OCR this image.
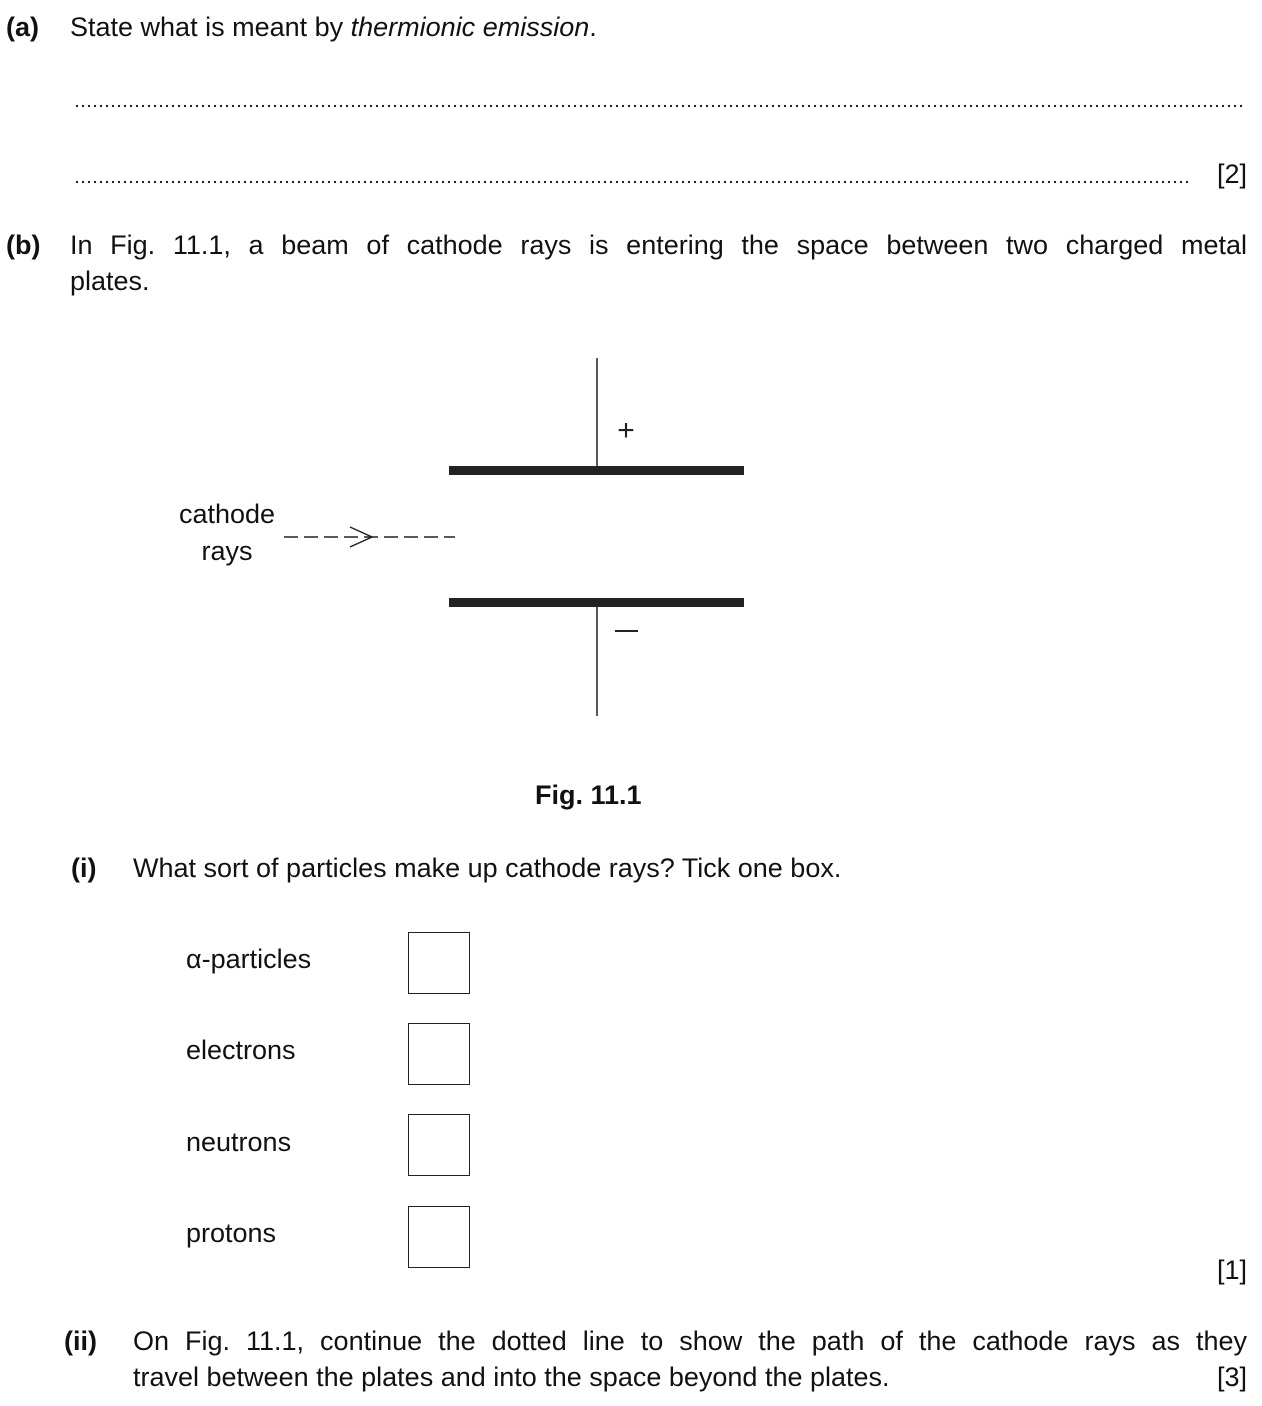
(a) State what is meant by thermionic emission.
[2]
(b) In Fig. 11.1, a beam of cathode rays is entering the space between two charged metal
plates.
+
cathode
rays
Fig. 11.1
(i) What sort of particles make up cathode rays? Tick one box.
α-particles
electrons
neutrons
protons
[1]
(ii) On Fig. 11.1, continue the dotted line to show the path of the cathode rays as they
travel between the plates and into the space beyond the plates.	[3]
